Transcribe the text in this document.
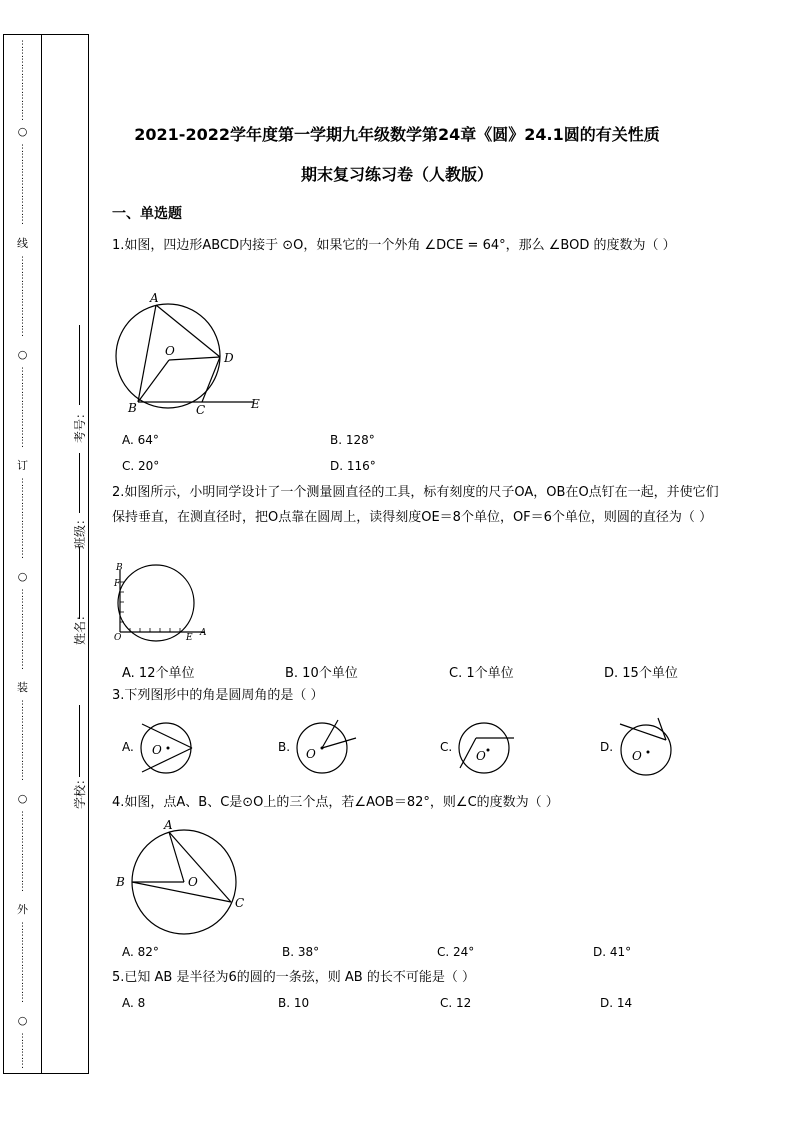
⋮
⋮
⋮
⋮
⋮
⋮
⋮
⋮
⋮
○
⋮
⋮
⋮
⋮
⋮
⋮
⋮
⋮
⋮
线
⋮
⋮
⋮
⋮
⋮
⋮
⋮
⋮
⋮
○
⋮
⋮
⋮
⋮
⋮
⋮
⋮
⋮
⋮
订
⋮
⋮
⋮
⋮
⋮
⋮
⋮
⋮
⋮
○
⋮
⋮
⋮
⋮
⋮
⋮
⋮
⋮
⋮
装
⋮
⋮
⋮
⋮
⋮
⋮
⋮
⋮
⋮
○
⋮
⋮
⋮
⋮
⋮
⋮
⋮
⋮
⋮
外
⋮
⋮
⋮
⋮
⋮
⋮
⋮
⋮
⋮
○
⋮
⋮
⋮
⋮
考号：
班级：
姓名：
学校：
2021-2022学年度第一学期九年级数学第24章《圆》24.1圆的有关性质
期末复习练习卷（人教版）
一、单选题
1.如图，四边形ABCD内接于 ⊙O，如果它的一个外角 ∠DCE = 64°，那么 ∠BOD 的度数为（ ）
A
O	D
B	C	E
A. 64°	B. 128°
C. 20°	D. 116°
2.如图所示，小明同学设计了一个测量圆直径的工具，标有刻度的尺子OA，OB在O点钉在一起，并使它们保持垂直，在测直径时，把O点靠在圆周上，读得刻度OE＝8个单位，OF＝6个单位，则圆的直径为（ ）
B
F
O	E A
A. 12个单位	B. 10个单位	C. 1个单位	D. 15个单位
3.下列图形中的角是圆周角的是（ ）
A. O	B. O	C.
O
D.
O
4.如图，点A、B、C是⊙O上的三个点，若∠AOB＝82°，则∠C的度数为（ ）
A
B	O
C
A. 82°	B. 38°	C. 24°	D. 41°
5.已知 AB 是半径为6的圆的一条弦，则 AB 的长不可能是（ ）
A. 8	B. 10	C. 12	D. 14
